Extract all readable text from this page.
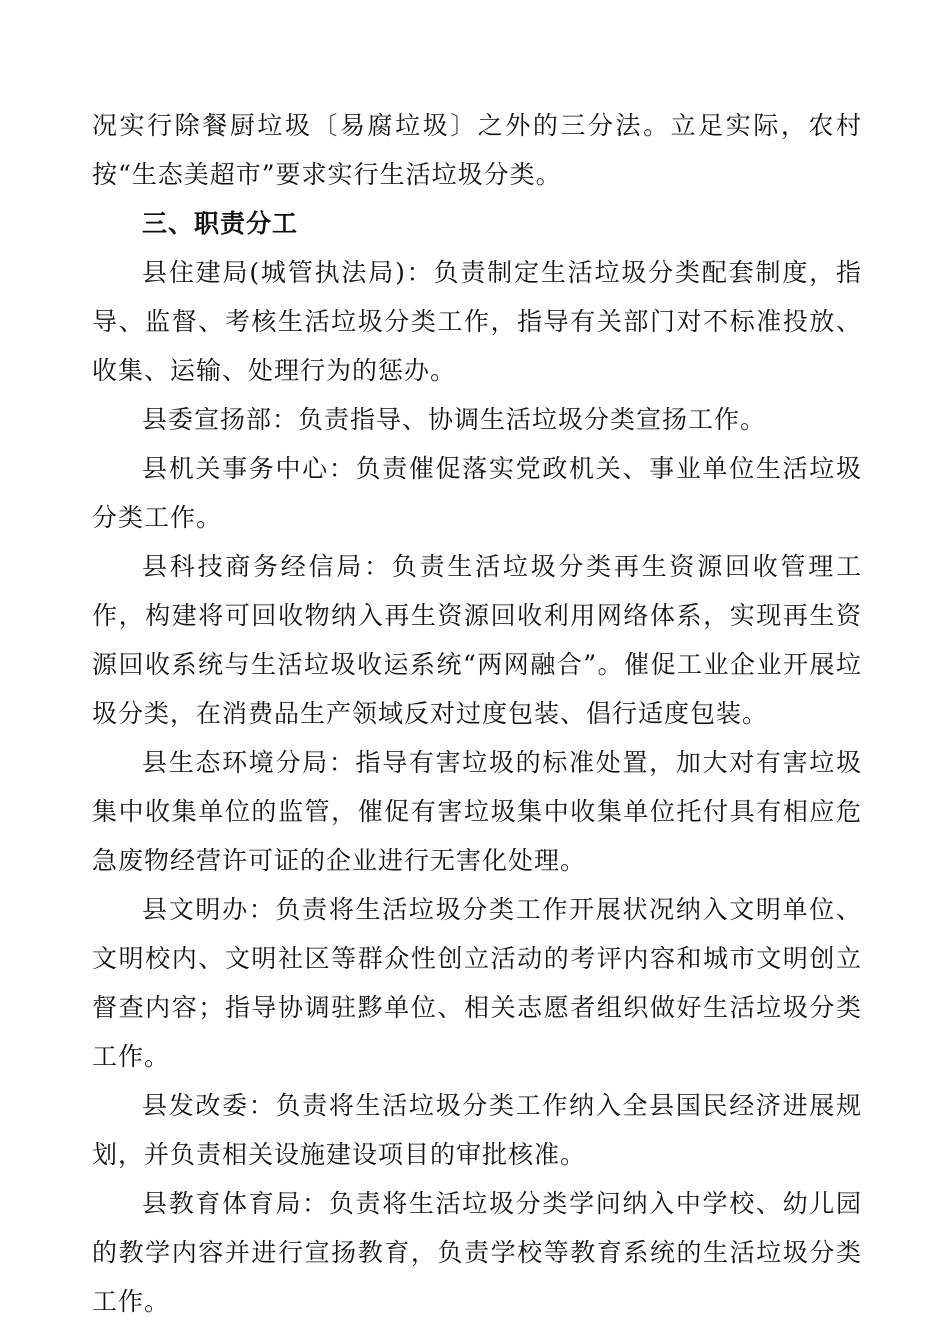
况实行除餐厨垃圾〔易腐垃圾〕之外的三分法。立足实际，农村按“生态美超市”要求实行生活垃圾分类。

三、职责分工

县住建局(城管执法局)：负责制定生活垃圾分类配套制度，指导、监督、考核生活垃圾分类工作，指导有关部门对不标准投放、收集、运输、处理行为的惩办。

县委宣扬部：负责指导、协调生活垃圾分类宣扬工作。

县机关事务中心：负责催促落实党政机关、事业单位生活垃圾分类工作。

县科技商务经信局：负责生活垃圾分类再生资源回收管理工作，构建将可回收物纳入再生资源回收利用网络体系，实现再生资源回收系统与生活垃圾收运系统“两网融合”。催促工业企业开展垃圾分类，在消费品生产领域反对过度包装、倡行适度包装。

县生态环境分局：指导有害垃圾的标准处置，加大对有害垃圾集中收集单位的监管，催促有害垃圾集中收集单位托付具有相应危急废物经营许可证的企业进行无害化处理。

县文明办：负责将生活垃圾分类工作开展状况纳入文明单位、文明校内、文明社区等群众性创立活动的考评内容和城市文明创立督查内容；指导协调驻黟单位、相关志愿者组织做好生活垃圾分类工作。

县发改委：负责将生活垃圾分类工作纳入全县国民经济进展规划，并负责相关设施建设项目的审批核准。

县教育体育局：负责将生活垃圾分类学问纳入中学校、幼儿园的教学内容并进行宣扬教育，负责学校等教育系统的生活垃圾分类工作。
